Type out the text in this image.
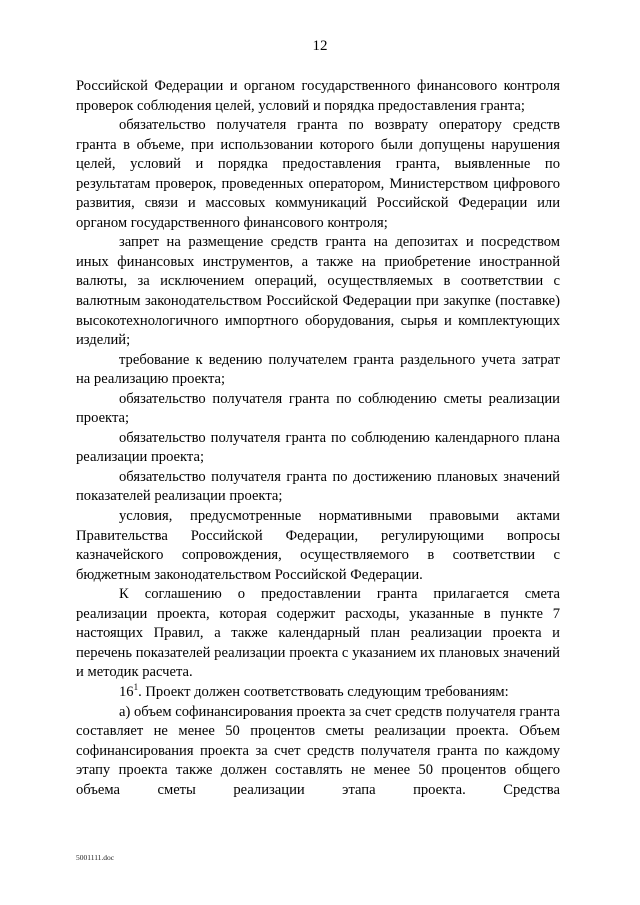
12

Российской Федерации и органом государственного финансового контроля проверок соблюдения целей, условий и порядка предоставления гранта;

обязательство получателя гранта по возврату оператору средств гранта в объеме, при использовании которого были допущены нарушения целей, условий и порядка предоставления гранта, выявленные по результатам проверок, проведенных оператором, Министерством цифрового развития, связи и массовых коммуникаций Российской Федерации или органом государственного финансового контроля;

запрет на размещение средств гранта на депозитах и посредством иных финансовых инструментов, а также на приобретение иностранной валюты, за исключением операций, осуществляемых в соответствии с валютным законодательством Российской Федерации при закупке (поставке) высокотехнологичного импортного оборудования, сырья и комплектующих изделий;

требование к ведению получателем гранта раздельного учета затрат на реализацию проекта;

обязательство получателя гранта по соблюдению сметы реализации проекта;

обязательство получателя гранта по соблюдению календарного плана реализации проекта;

обязательство получателя гранта по достижению плановых значений показателей реализации проекта;

условия, предусмотренные нормативными правовыми актами Правительства Российской Федерации, регулирующими вопросы казначейского сопровождения, осуществляемого в соответствии с бюджетным законодательством Российской Федерации.

К соглашению о предоставлении гранта прилагается смета реализации проекта, которая содержит расходы, указанные в пункте 7 настоящих Правил, а также календарный план реализации проекта и перечень показателей реализации проекта с указанием их плановых значений и методик расчета.

$16^1$. Проект должен соответствовать следующим требованиям:

а) объем софинансирования проекта за счет средств получателя гранта составляет не менее 50 процентов сметы реализации проекта. Объем софинансирования проекта за счет средств получателя гранта по каждому этапу проекта также должен составлять не менее 50 процентов общего объема сметы реализации этапа проекта. Средства

5001111.doc
